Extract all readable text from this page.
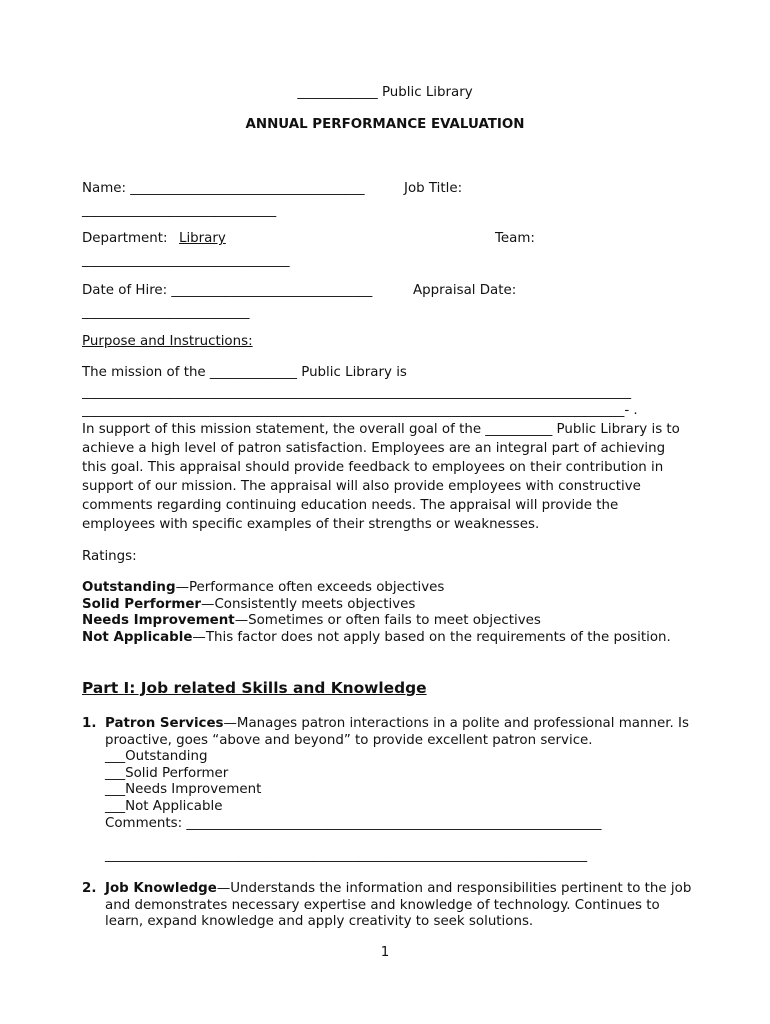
____________ Public Library
ANNUAL PERFORMANCE EVALUATION
Name: ___________________________________	Job Title:
_____________________________
Department: Library	Team:
_______________________________
Date of Hire: ______________________________	Appraisal Date:
_________________________
Purpose and Instructions:
The mission of the _____________ Public Library is
__________________________________________________________________________________
_________________________________________________________________________________- .
In support of this mission statement, the overall goal of the __________ Public Library is to achieve a high level of patron satisfaction. Employees are an integral part of achieving this goal. This appraisal should provide feedback to employees on their contribution in support of our mission. The appraisal will also provide employees with constructive comments regarding continuing education needs. The appraisal will provide the employees with specific examples of their strengths or weaknesses.
Ratings:
Outstanding—Performance often exceeds objectives
Solid Performer—Consistently meets objectives
Needs Improvement—Sometimes or often fails to meet objectives
Not Applicable—This factor does not apply based on the requirements of the position.
Part I: Job related Skills and Knowledge
1. Patron Services—Manages patron interactions in a polite and professional manner. Is proactive, goes “above and beyond” to provide excellent patron service.
___Outstanding
___Solid Performer
___Needs Improvement
___Not Applicable
Comments: ______________________________________________________________
________________________________________________________________________
2. Job Knowledge—Understands the information and responsibilities pertinent to the job and demonstrates necessary expertise and knowledge of technology. Continues to learn, expand knowledge and apply creativity to seek solutions.
1
